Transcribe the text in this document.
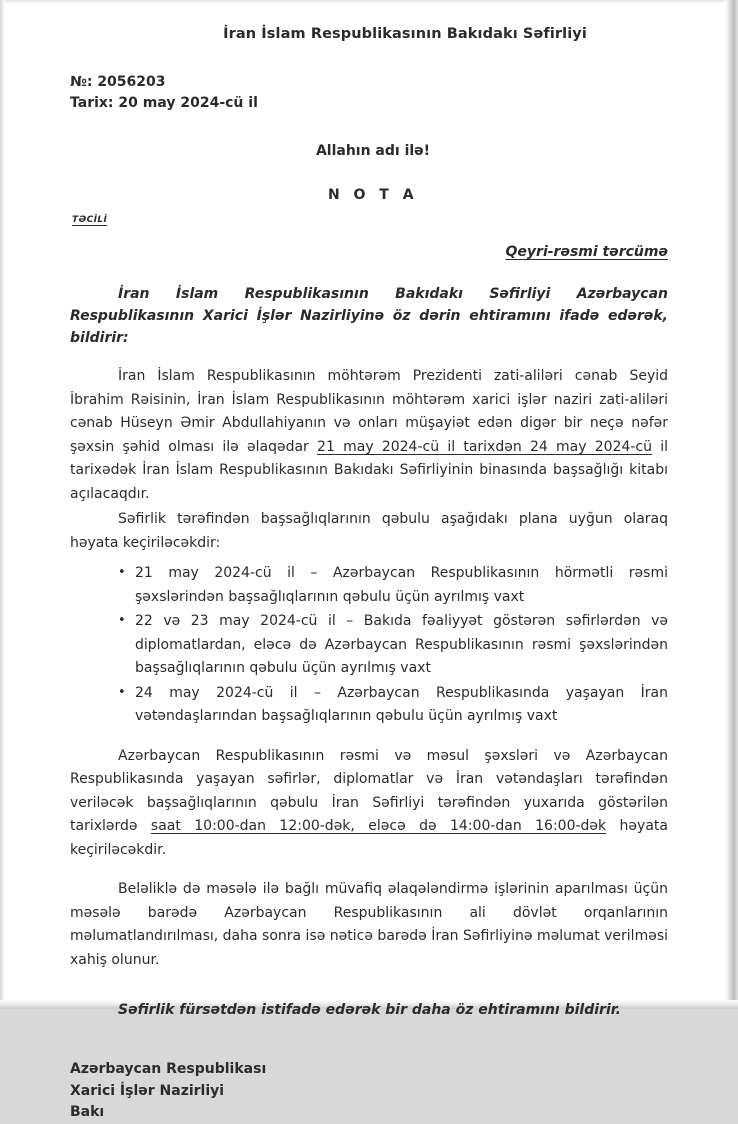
İran İslam Respublikasının Bakıdakı Səfirliyi
№: 2056203
Tarix: 20 may 2024-cü il
Allahın adı ilə!
N O T A
təci̇li̇
Qeyri-rəsmi tərcümə
İran İslam Respublikasının Bakıdakı Səfirliyi Azərbaycan Respublikasının Xarici İşlər Nazirliyinə öz dərin ehtiramını ifadə edərək, bildirir:

İran İslam Respublikasının möhtərəm Prezidenti zati-aliləri cənab Seyid İbrahim Rəisinin, İran İslam Respublikasının möhtərəm xarici işlər naziri zati-aliləri cənab Hüseyn Əmir Abdullahiyanın və onları müşayiət edən digər bir neçə nəfər şəxsin şəhid olması ilə əlaqədar 21 may 2024-cü il tarixdən 24 may 2024-cü il tarixədək İran İslam Respublikasının Bakıdakı Səfirliyinin binasında başsağlığı kitabı açılacaqdır.

Səfirlik tərəfindən başsağlıqlarının qəbulu aşağıdakı plana uyğun olaraq həyata keçiriləcəkdir:

• 21 may 2024-cü il – Azərbaycan Respublikasının hörmətli rəsmi şəxslərindən başsağlıqlarının qəbulu üçün ayrılmış vaxt
• 22 və 23 may 2024-cü il – Bakıda fəaliyyət göstərən səfirlərdən və diplomatlardan, eləcə də Azərbaycan Respublikasının rəsmi şəxslərindən başsağlıqlarının qəbulu üçün ayrılmış vaxt
• 24 may 2024-cü il – Azərbaycan Respublikasında yaşayan İran vətəndaşlarından başsağlıqlarının qəbulu üçün ayrılmış vaxt

Azərbaycan Respublikasının rəsmi və məsul şəxsləri və Azərbaycan Respublikasında yaşayan səfirlər, diplomatlar və İran vətəndaşları tərəfindən veriləcək başsağlıqlarının qəbulu İran Səfirliyi tərəfindən yuxarıda göstərilən tarixlərdə saat 10:00-dan 12:00-dək, eləcə də 14:00-dan 16:00-dək həyata keçiriləcəkdir.

Beləliklə də məsələ ilə bağlı müvafiq əlaqələndirmə işlərinin aparılması üçün məsələ barədə Azərbaycan Respublikasının ali dövlət orqanlarının məlumatlandırılması, daha sonra isə nəticə barədə İran Səfirliyinə məlumat verilməsi xahiş olunur.

Səfirlik fürsətdən istifadə edərək bir daha öz ehtiramını bildirir.
Azərbaycan Respublikası
Xarici İşlər Nazirliyi
Bakı
